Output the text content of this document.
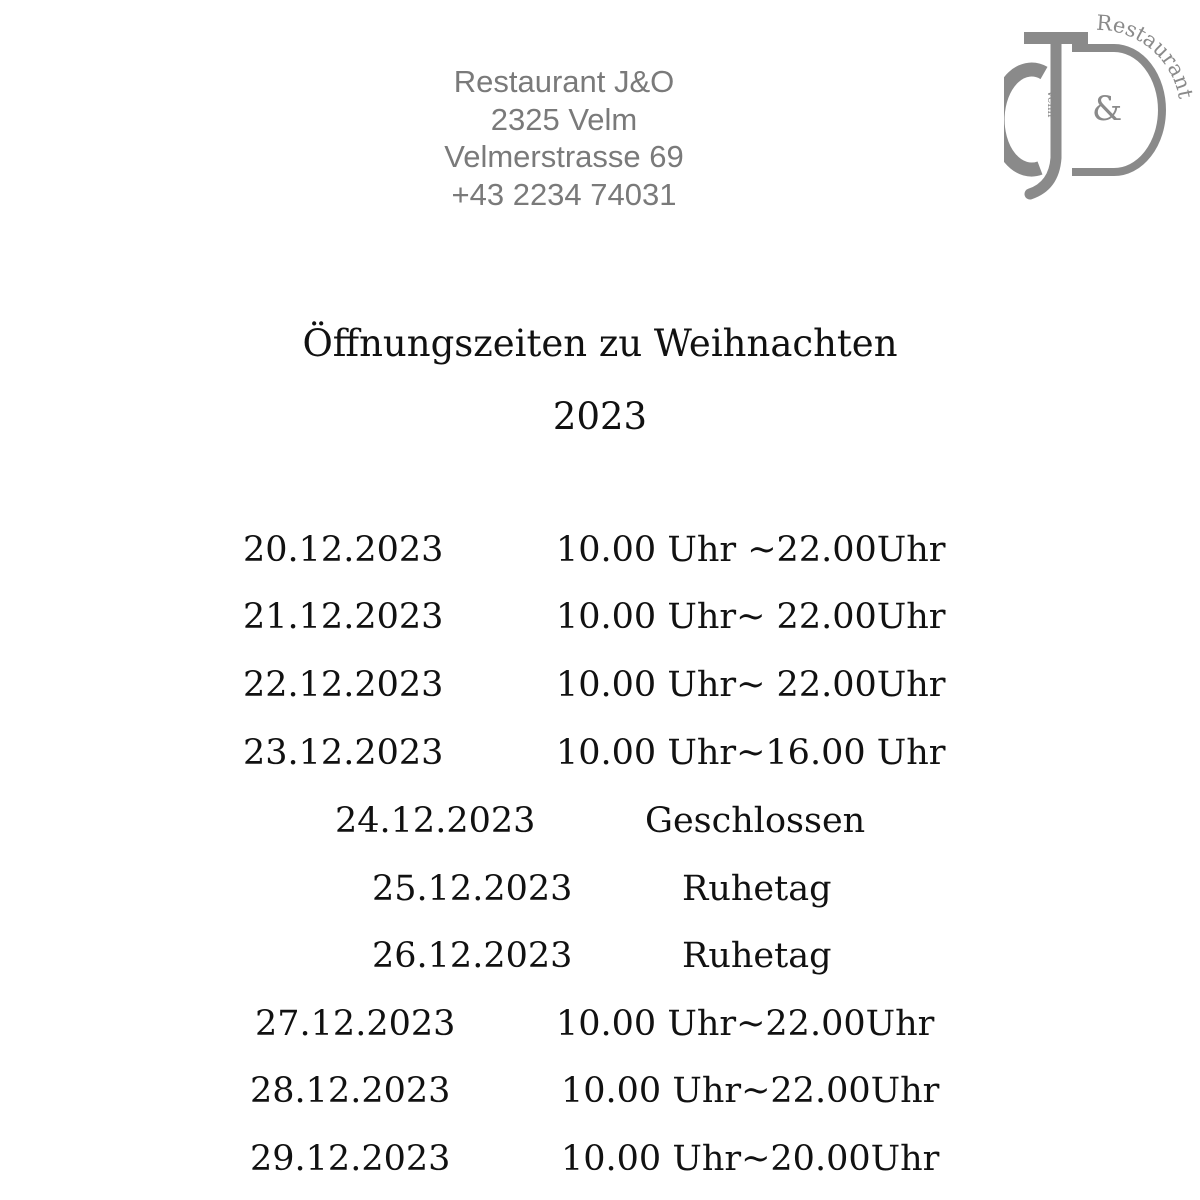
Restaurant J&O
2325 Velm
Velmerstrasse 69
+43 2234 74031
Restaurant
&
Velm
Öffnungszeiten zu Weihnachten
2023
20.12.2023	10.00 Uhr ~22.00Uhr
21.12.2023	10.00 Uhr~ 22.00Uhr
22.12.2023	10.00 Uhr~ 22.00Uhr
23.12.2023	10.00 Uhr~16.00 Uhr
24.12.2023	Geschlossen
25.12.2023	Ruhetag
26.12.2023	Ruhetag
27.12.2023	10.00 Uhr~22.00Uhr
28.12.2023	10.00 Uhr~22.00Uhr
29.12.2023	10.00 Uhr~20.00Uhr
